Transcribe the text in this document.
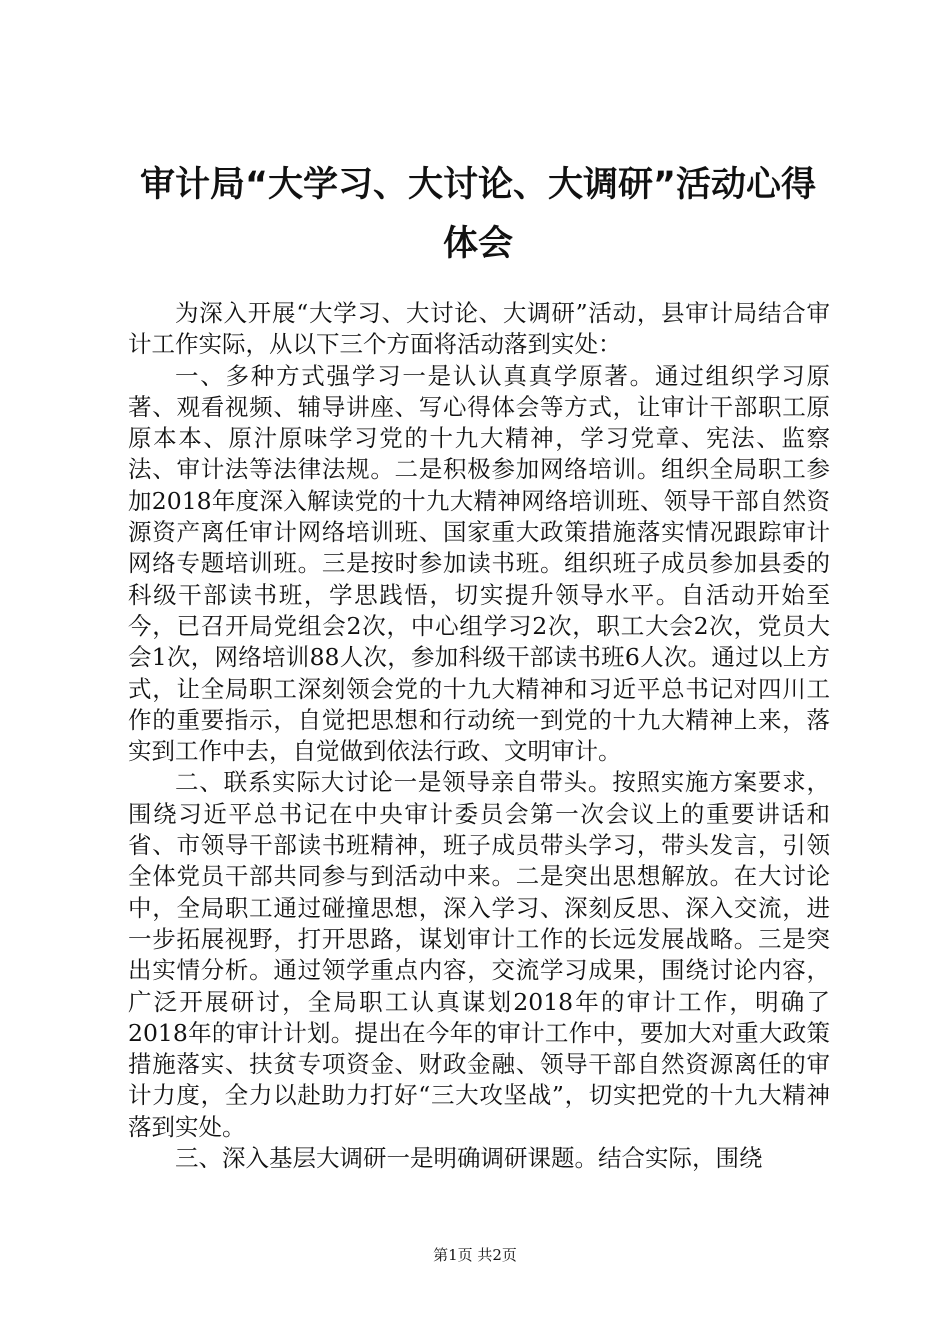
审计局“大学习、大讨论、大调研”活动心得
体会

为深入开展“大学习、大讨论、大调研”活动，县审计局结合审计工作实际，从以下三个方面将活动落到实处：

一、多种方式强学习一是认认真真学原著。通过组织学习原著、观看视频、辅导讲座、写心得体会等方式，让审计干部职工原原本本、原汁原味学习党的十九大精神，学习党章、宪法、监察法、审计法等法律法规。二是积极参加网络培训。组织全局职工参加2018年度深入解读党的十九大精神网络培训班、领导干部自然资源资产离任审计网络培训班、国家重大政策措施落实情况跟踪审计网络专题培训班。三是按时参加读书班。组织班子成员参加县委的科级干部读书班，学思践悟，切实提升领导水平。自活动开始至今，已召开局党组会2次，中心组学习2次，职工大会2次，党员大会1次，网络培训88人次，参加科级干部读书班6人次。通过以上方式，让全局职工深刻领会党的十九大精神和习近平总书记对四川工作的重要指示，自觉把思想和行动统一到党的十九大精神上来，落实到工作中去，自觉做到依法行政、文明审计。

二、联系实际大讨论一是领导亲自带头。按照实施方案要求，围绕习近平总书记在中央审计委员会第一次会议上的重要讲话和省、市领导干部读书班精神，班子成员带头学习，带头发言，引领全体党员干部共同参与到活动中来。二是突出思想解放。在大讨论中，全局职工通过碰撞思想，深入学习、深刻反思、深入交流，进一步拓展视野，打开思路，谋划审计工作的长远发展战略。三是突出实情分析。通过领学重点内容，交流学习成果，围绕讨论内容，广泛开展研讨，全局职工认真谋划2018年的审计工作，明确了2018年的审计计划。提出在今年的审计工作中，要加大对重大政策措施落实、扶贫专项资金、财政金融、领导干部自然资源离任的审计力度，全力以赴助力打好“三大攻坚战”，切实把党的十九大精神落到实处。

三、深入基层大调研一是明确调研课题。结合实际，围绕

第1页 共2页
